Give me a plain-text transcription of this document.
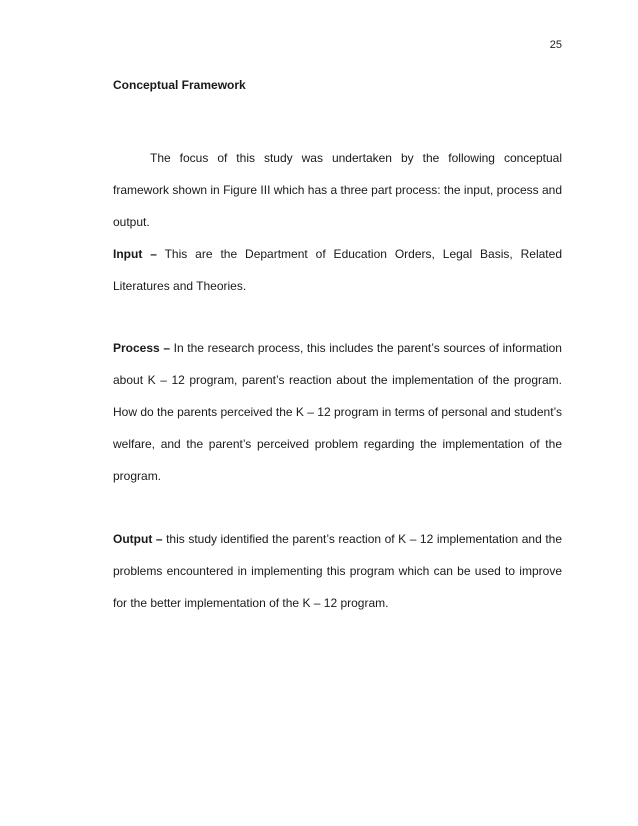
25
Conceptual Framework

The focus of this study was undertaken by the following conceptual framework shown in Figure III which has a three part process: the input, process and output.

Input – This are the Department of Education Orders, Legal Basis, Related Literatures and Theories.

Process – In the research process, this includes the parent’s sources of information about K – 12 program, parent’s reaction about the implementation of the program. How do the parents perceived the K – 12 program in terms of personal and student’s welfare, and the parent’s perceived problem regarding the implementation of the program.

Output – this study identified the parent’s reaction of K – 12 implementation and the problems encountered in implementing this program which can be used to improve for the better implementation of the K – 12 program.
